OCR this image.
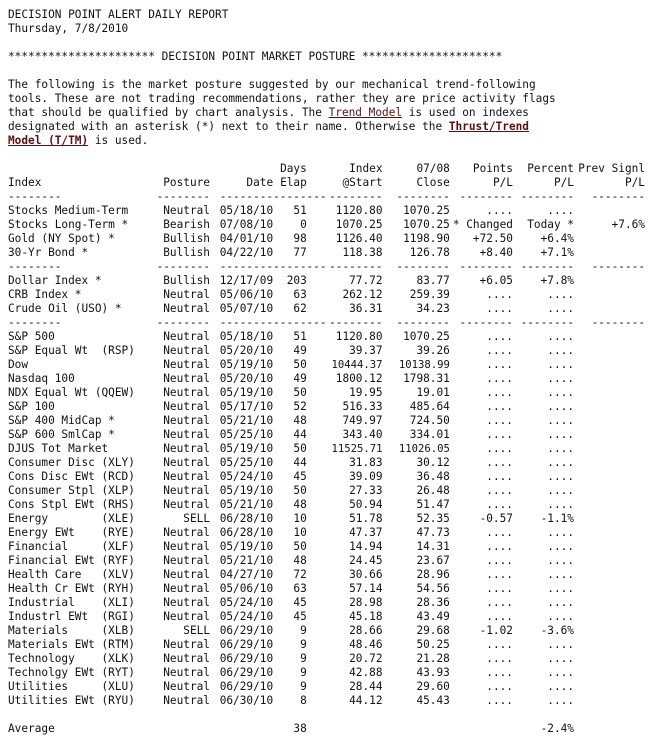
DECISION POINT ALERT DAILY REPORT
Thursday, 7/8/2010
********************** DECISION POINT MARKET POSTURE *********************

The following is the market posture suggested by our mechanical trend-following tools. These are not trading recommendations, rather they are price activity flags that should be qualified by chart analysis. The Trend Model is used on indexes designated with an asterisk (*) next to their name. Otherwise the Thrust/Trend Model (T/TM) is used.

			Days	Index	07/08	Points	Percent	Prev Signl
Index	Posture	Date	Elap	@Start	Close	P/L	P/L	P/L
--------	--------	--------	--------	--------	--------	--------	--------	--------
Stocks Medium-Term	Neutral	05/18/10	51	1120.80	1070.25	....	....	
Stocks Long-Term *	Bearish	07/08/10	0	1070.25	1070.25	* Changed	Today *	+7.6%
Gold (NY Spot) *	Bullish	04/01/10	98	1126.40	1198.90	+72.50	+6.4%	
30-Yr Bond *	Bullish	04/22/10	77	118.38	126.78	+8.40	+7.1%	
--------	--------	--------	--------	--------	--------	--------	--------	--------
Dollar Index *	Bullish	12/17/09	203	77.72	83.77	+6.05	+7.8%	
CRB Index *	Neutral	05/06/10	63	262.12	259.39	....	....	
Crude Oil (USO) *	Neutral	05/07/10	62	36.31	34.23	....	....	
--------	--------	--------	--------	--------	--------	--------	--------	--------
S&P 500	Neutral	05/18/10	51	1120.80	1070.25	....	....	
S&P Equal Wt  (RSP)	Neutral	05/20/10	49	39.37	39.26	....	....	
Dow	Neutral	05/19/10	50	10444.37	10138.99	....	....	
Nasdaq 100	Neutral	05/20/10	49	1800.12	1798.31	....	....	
NDX Equal Wt (QQEW)	Neutral	05/19/10	50	19.95	19.01	....	....	
S&P 100	Neutral	05/17/10	52	516.33	485.64	....	....	
S&P 400 MidCap *	Neutral	05/21/10	48	749.97	724.50	....	....	
S&P 600 SmlCap *	Neutral	05/25/10	44	343.40	334.01	....	....	
DJUS Tot Market	Neutral	05/19/10	50	11525.71	11026.05	....	....	
Consumer Disc (XLY)	Neutral	05/25/10	44	31.83	30.12	....	....	
Cons Disc EWt (RCD)	Neutral	05/24/10	45	39.09	36.48	....	....	
Consumer Stpl (XLP)	Neutral	05/19/10	50	27.33	26.48	....	....	
Cons Stpl EWt (RHS)	Neutral	05/21/10	48	50.94	51.47	....	....	
Energy        (XLE)	SELL	06/28/10	10	51.78	52.35	-0.57	-1.1%	
Energy EWt    (RYE)	Neutral	06/28/10	10	47.37	47.73	....	....	
Financial     (XLF)	Neutral	05/19/10	50	14.94	14.31	....	....	
Financial EWt (RYF)	Neutral	05/21/10	48	24.45	23.67	....	....	
Health Care   (XLV)	Neutral	04/27/10	72	30.66	28.96	....	....	
Health Cr EWt (RYH)	Neutral	05/06/10	63	57.14	54.56	....	....	
Industrial    (XLI)	Neutral	05/24/10	45	28.98	28.36	....	....	
Industrl EWt  (RGI)	Neutral	05/24/10	45	45.18	43.49	....	....	
Materials     (XLB)	SELL	06/29/10	9	28.66	29.68	-1.02	-3.6%	
Materials EWt (RTM)	Neutral	06/29/10	9	48.46	50.25	....	....	
Technology    (XLK)	Neutral	06/29/10	9	20.72	21.28	....	....	
Technolgy EWt (RYT)	Neutral	06/29/10	9	42.88	43.93	....	....	
Utilities     (XLU)	Neutral	06/29/10	9	28.44	29.60	....	....	
Utilities EWt (RYU)	Neutral	06/30/10	8	44.12	45.43	....	....	

Average			38				-2.4%	
